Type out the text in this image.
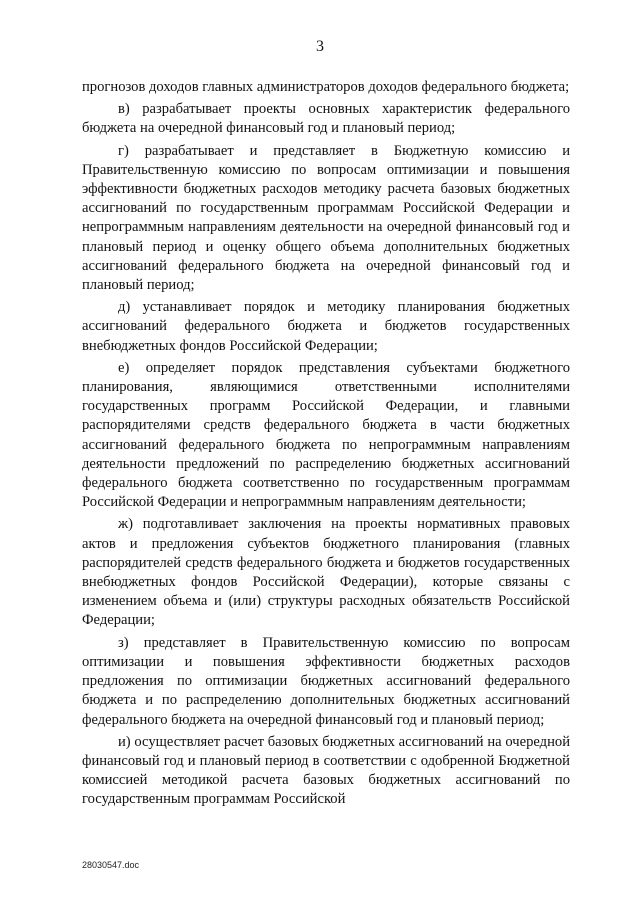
3

прогнозов доходов главных администраторов доходов федерального бюджета;

в) разрабатывает проекты основных характеристик федерального бюджета на очередной финансовый год и плановый период;

г) разрабатывает и представляет в Бюджетную комиссию и Правительственную комиссию по вопросам оптимизации и повышения эффективности бюджетных расходов методику расчета базовых бюджетных ассигнований по государственным программам Российской Федерации и непрограммным направлениям деятельности на очередной финансовый год и плановый период и оценку общего объема дополнительных бюджетных ассигнований федерального бюджета на очередной финансовый год и плановый период;

д) устанавливает порядок и методику планирования бюджетных ассигнований федерального бюджета и бюджетов государственных внебюджетных фондов Российской Федерации;

е) определяет порядок представления субъектами бюджетного планирования, являющимися ответственными исполнителями государственных программ Российской Федерации, и главными распорядителями средств федерального бюджета в части бюджетных ассигнований федерального бюджета по непрограммным направлениям деятельности предложений по распределению бюджетных ассигнований федерального бюджета соответственно по государственным программам Российской Федерации и непрограммным направлениям деятельности;

ж) подготавливает заключения на проекты нормативных правовых актов и предложения субъектов бюджетного планирования (главных распорядителей средств федерального бюджета и бюджетов государственных внебюджетных фондов Российской Федерации), которые связаны с изменением объема и (или) структуры расходных обязательств Российской Федерации;

з) представляет в Правительственную комиссию по вопросам оптимизации и повышения эффективности бюджетных расходов предложения по оптимизации бюджетных ассигнований федерального бюджета и по распределению дополнительных бюджетных ассигнований федерального бюджета на очередной финансовый год и плановый период;

и) осуществляет расчет базовых бюджетных ассигнований на очередной финансовый год и плановый период в соответствии с одобренной Бюджетной комиссией методикой расчета базовых бюджетных ассигнований по государственным программам Российской

28030547.doc
